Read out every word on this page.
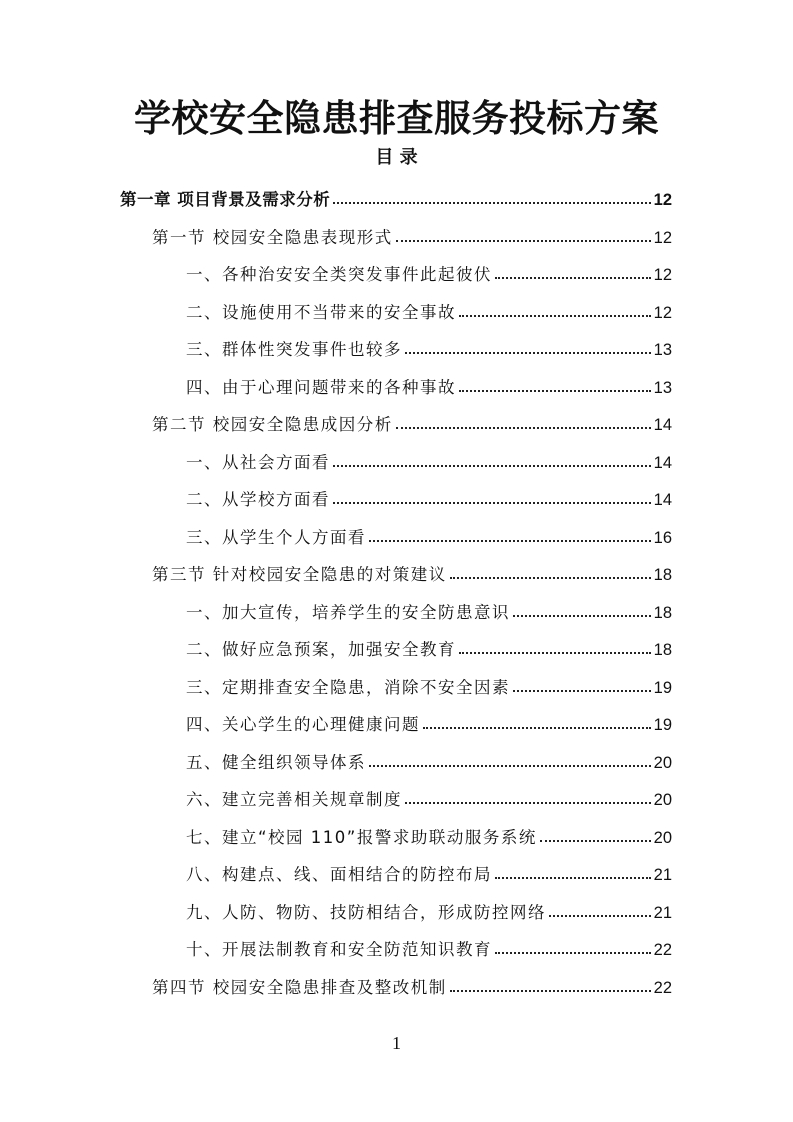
学校安全隐患排查服务投标方案
目 录
第一章 项目背景及需求分析	12
第一节 校园安全隐患表现形式	12
一、各种治安安全类突发事件此起彼伏	12
二、设施使用不当带来的安全事故	12
三、群体性突发事件也较多	13
四、由于心理问题带来的各种事故	13
第二节 校园安全隐患成因分析	14
一、从社会方面看	14
二、从学校方面看	14
三、从学生个人方面看	16
第三节 针对校园安全隐患的对策建议	18
一、加大宣传，培养学生的安全防患意识	18
二、做好应急预案，加强安全教育	18
三、定期排查安全隐患，消除不安全因素	19
四、关心学生的心理健康问题	19
五、健全组织领导体系	20
六、建立完善相关规章制度	20
七、建立“校园 110”报警求助联动服务系统	20
八、构建点、线、面相结合的防控布局	21
九、人防、物防、技防相结合，形成防控网络	21
十、开展法制教育和安全防范知识教育	22
第四节 校园安全隐患排查及整改机制	22
1
